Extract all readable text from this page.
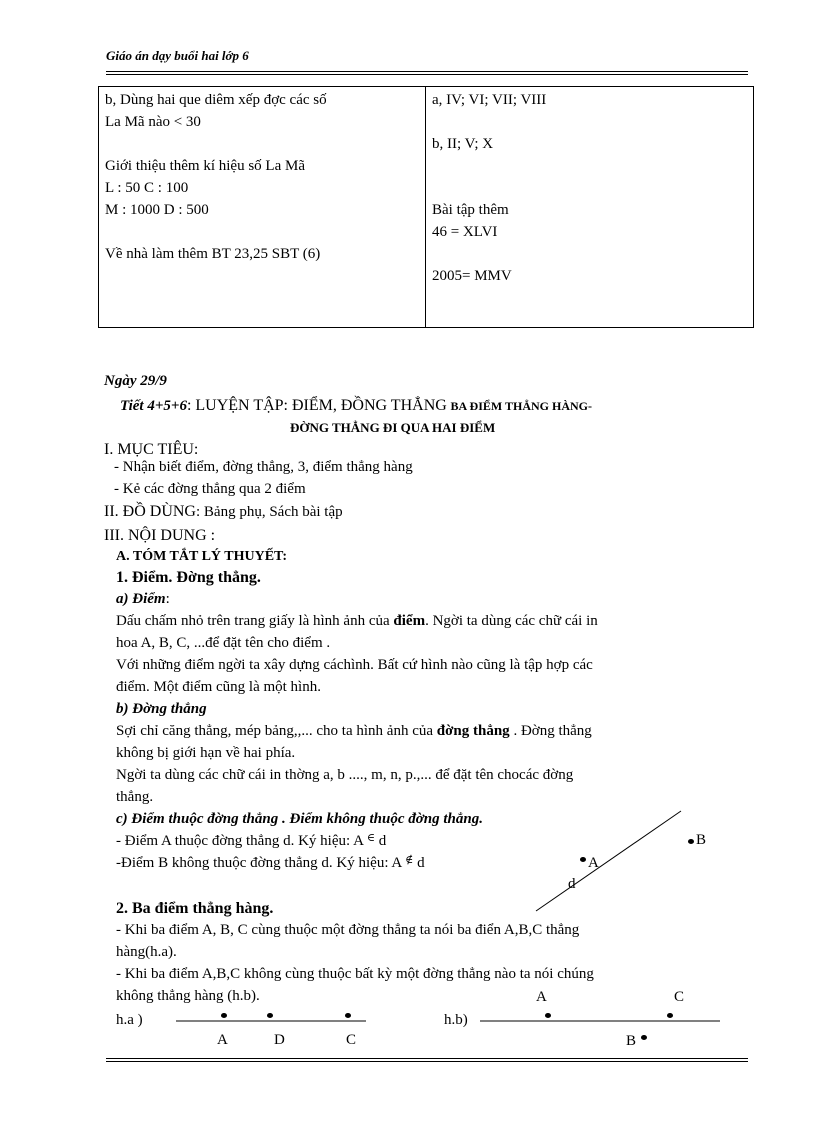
Giáo án dạy buổi hai lớp 6
b, Dùng hai que diêm xếp đợc các số
La Mã nào < 30
Giới thiệu thêm kí hiệu số La Mã
L : 50 C : 100
M : 1000 D : 500
Về nhà làm thêm BT 23,25 SBT (6)

a, IV; VI; VII; VIII
b, II; V; X
Bài tập thêm
46 = XLVI
2005= MMV
Ngày 29/9
Tiết 4+5+6: LUYỆN TẬP: ĐIỂM, ĐỒNG THẲNG BA ĐIỂM THẲNG HÀNG-
ĐỜNG THẲNG ĐI QUA HAI ĐIỂM
I. MỤC TIÊU:
- Nhận biết điểm, đờng thẳng, 3, điểm thẳng hàng
- Kẻ các đờng thẳng qua 2 điểm
II. ĐỒ DÙNG: Bảng phụ, Sách bài tập
III. NỘI DUNG :
A. TÓM TẮT LÝ THUYẾT:
1. Điểm. Đờng thẳng.
a) Điểm:
Dấu chấm nhỏ trên trang giấy là hình ảnh của điểm. Ngời ta dùng các chữ cái in
hoa A, B, C, ...để đặt tên cho điểm .
Với những điểm ngời ta xây dựng cáchình. Bất cứ hình nào cũng là tập hợp các
điểm. Một điểm cũng là một hình.
b) Đờng thẳng
Sợi chỉ căng thẳng, mép bảng,,... cho ta hình ảnh của đờng thẳng . Đờng thẳng
không bị giới hạn về hai phía.
Ngời ta dùng các chữ cái in thờng a, b ...., m, n, p.,... để đặt tên chocác đờng
thẳng.
c) Điểm thuộc đờng thẳng . Điểm không thuộc đờng thẳng.
- Điểm A thuộc đờng thẳng d. Ký hiệu: A ∈ d
-Điểm B không thuộc đờng thẳng d. Ký hiệu: A ∉ d
B
A
d
2. Ba điểm thẳng hàng.
- Khi ba điểm A, B, C cùng thuộc một đờng thẳng ta nói ba điển A,B,C thẳng
hàng(h.a).
- Khi ba điểm A,B,C không cùng thuộc bất kỳ một đờng thẳng nào ta nói chúng
không thẳng hàng (h.b).
h.a )
A	D	C
h.b)
A	C
B
